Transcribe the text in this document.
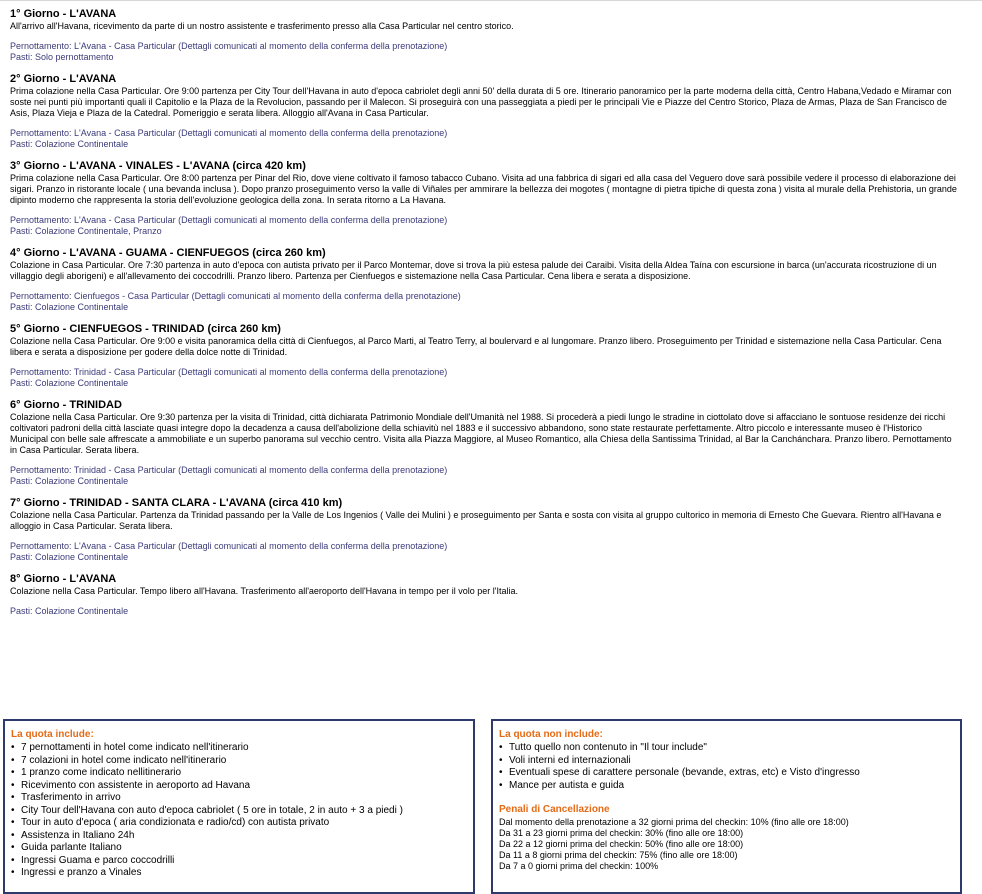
1° Giorno - L'AVANA

All'arrivo all'Havana, ricevimento da parte di un nostro assistente e trasferimento presso alla Casa Particular nel centro storico.

Pernottamento: L'Avana - Casa Particular (Dettagli comunicati al momento della conferma della prenotazione)

Pasti: Solo pernottamento

2° Giorno - L'AVANA

Prima colazione nella Casa Particular. Ore 9:00 partenza per City Tour dell'Havana in auto d'epoca cabriolet degli anni 50' della durata di 5 ore. Itinerario panoramico per la parte moderna della città, Centro Habana,Vedado e Miramar con soste nei punti più importanti quali il Capitolio e la Plaza de la Revolucion, passando per il Malecon. Si proseguirà con una passeggiata a piedi per le principali Vie e Piazze del Centro Storico, Plaza de Armas, Plaza de San Francisco de Asis, Plaza Vieja e Plaza de la Catedral. Pomeriggio e serata libera. Alloggio all'Avana in Casa Particular.

Pernottamento: L'Avana - Casa Particular (Dettagli comunicati al momento della conferma della prenotazione)

Pasti: Colazione Continentale

3° Giorno - L'AVANA - VINALES - L'AVANA (circa 420 km)

Prima colazione nella Casa Particular. Ore 8:00 partenza per Pinar del Rio, dove viene coltivato il famoso tabacco Cubano. Visita ad una fabbrica di sigari ed alla casa del Veguero dove sarà possibile vedere il processo di elaborazione dei sigari. Pranzo in ristorante locale ( una bevanda inclusa ). Dopo pranzo proseguimento verso la valle di Viñales per ammirare la bellezza dei mogotes ( montagne di pietra tipiche di questa zona ) visita al murale della Prehistoria, un grande dipinto moderno che rappresenta la storia dell'evoluzione geologica della zona. In serata ritorno a La Havana.

Pernottamento: L'Avana - Casa Particular (Dettagli comunicati al momento della conferma della prenotazione)

Pasti: Colazione Continentale, Pranzo

4° Giorno - L'AVANA - GUAMA - CIENFUEGOS (circa 260 km)

Colazione in Casa Particular. Ore 7:30 partenza in auto d'epoca con autista privato per il Parco Montemar, dove si trova la più estesa palude dei Caraibi. Visita della Aldea Taína con escursione in barca (un'accurata ricostruzione di un villaggio degli aborigeni) e all'allevamento dei coccodrilli. Pranzo libero. Partenza per Cienfuegos e sistemazione nella Casa Particular. Cena libera e serata a disposizione.

Pernottamento: Cienfuegos - Casa Particular (Dettagli comunicati al momento della conferma della prenotazione)

Pasti: Colazione Continentale

5° Giorno - CIENFUEGOS - TRINIDAD (circa 260 km)

Colazione nella Casa Particular. Ore 9:00 e visita panoramica della città di Cienfuegos, al Parco Marti, al Teatro Terry, al boulervard e al lungomare. Pranzo libero. Proseguimento per Trinidad e sistemazione nella Casa Particular. Cena libera e serata a disposizione per godere della dolce notte di Trinidad.

Pernottamento: Trinidad - Casa Particular (Dettagli comunicati al momento della conferma della prenotazione)

Pasti: Colazione Continentale

6° Giorno - TRINIDAD

Colazione nella Casa Particular. Ore 9:30 partenza per la visita di Trinidad, città dichiarata Patrimonio Mondiale dell'Umanità nel 1988. Si procederà a piedi lungo le stradine in ciottolato dove si affacciano le sontuose residenze dei ricchi coltivatori padroni della città lasciate quasi integre dopo la decadenza a causa dell'abolizione della schiavitù nel 1883 e il successivo abbandono, sono state restaurate perfettamente. Altro piccolo e interessante museo è l'Historico Municipal con belle sale affrescate a ammobiliate e un superbo panorama sul vecchio centro. Visita alla Piazza Maggiore, al Museo Romantico, alla Chiesa della Santissima Trinidad, al Bar la Canchánchara. Pranzo libero. Pernottamento in Casa Particular. Serata libera.

Pernottamento: Trinidad - Casa Particular (Dettagli comunicati al momento della conferma della prenotazione)

Pasti: Colazione Continentale

7° Giorno - TRINIDAD - SANTA CLARA - L'AVANA (circa 410 km)

Colazione nella Casa Particular. Partenza da Trinidad passando per la Valle de Los Ingenios ( Valle dei Mulini ) e proseguimento per Santa e sosta con visita al gruppo cultorico in memoria di Ernesto Che Guevara. Rientro all'Havana e alloggio in Casa Particular. Serata libera.

Pernottamento: L'Avana - Casa Particular (Dettagli comunicati al momento della conferma della prenotazione)

Pasti: Colazione Continentale

8° Giorno - L'AVANA

Colazione nella Casa Particular. Tempo libero all'Havana. Trasferimento all'aeroporto dell'Havana in tempo per il volo per l'Italia.

Pasti: Colazione Continentale

La quota include:

• 7 pernottamenti in hotel come indicato nell'itinerario
• 7 colazioni in hotel come indicato nell'itinerario
• 1 pranzo come indicato nellitinerario
• Ricevimento con assistente in aeroporto ad Havana
• Trasferimento in arrivo
• City Tour dell'Havana con auto d'epoca cabriolet ( 5 ore in totale, 2 in auto + 3 a piedi )
• Tour in auto d'epoca ( aria condizionata e radio/cd) con autista privato
• Assistenza in Italiano 24h
• Guida parlante Italiano
• Ingressi Guama e parco coccodrilli
• Ingressi e pranzo a Vinales

La quota non include:

• Tutto quello non contenuto in "Il tour include"
• Voli interni ed internazionali
• Eventuali spese di carattere personale (bevande, extras, etc) e Visto d'ingresso
• Mance per autista e guida

Penali di Cancellazione

Dal momento della prenotazione a 32 giorni prima del checkin: 10% (fino alle ore 18:00)

Da 31 a 23 giorni prima del checkin: 30% (fino alle ore 18:00)

Da 22 a 12 giorni prima del checkin: 50% (fino alle ore 18:00)

Da 11 a 8 giorni prima del checkin: 75% (fino alle ore 18:00)

Da 7 a 0 giorni prima del checkin: 100%
